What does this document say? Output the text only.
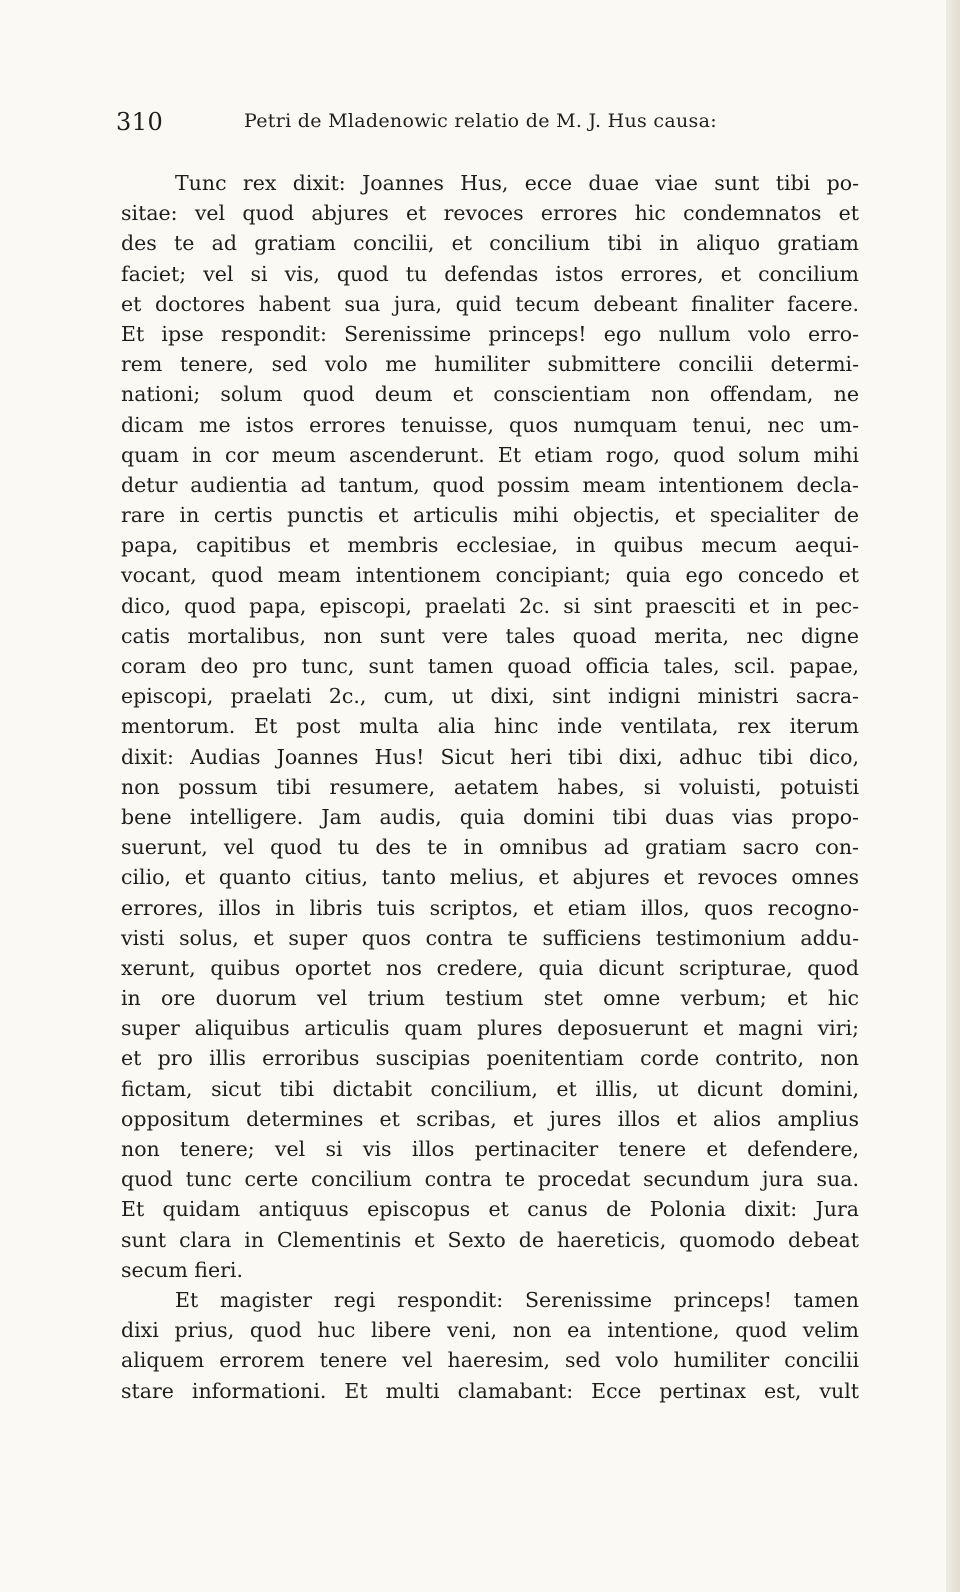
310	Petri de Mladenowic relatio de M. J. Hus causa:
Tunc rex dixit: Joannes Hus, ecce duae viae sunt tibi po-
sitae: vel quod abjures et revoces errores hic condemnatos et
des te ad gratiam concilii, et concilium tibi in aliquo gratiam
faciet; vel si vis, quod tu defendas istos errores, et concilium
et doctores habent sua jura, quid tecum debeant finaliter facere.
Et ipse respondit: Serenissime princeps! ego nullum volo erro-
rem tenere, sed volo me humiliter submittere concilii determi-
nationi; solum quod deum et conscientiam non offendam, ne
dicam me istos errores tenuisse, quos numquam tenui, nec um-
quam in cor meum ascenderunt. Et etiam rogo, quod solum mihi
detur audientia ad tantum, quod possim meam intentionem decla-
rare in certis punctis et articulis mihi objectis, et specialiter de
papa, capitibus et membris ecclesiae, in quibus mecum aequi-
vocant, quod meam intentionem concipiant; quia ego concedo et
dico, quod papa, episcopi, praelati 2c. si sint praesciti et in pec-
catis mortalibus, non sunt vere tales quoad merita, nec digne
coram deo pro tunc, sunt tamen quoad officia tales, scil. papae,
episcopi, praelati 2c., cum, ut dixi, sint indigni ministri sacra-
mentorum. Et post multa alia hinc inde ventilata, rex iterum
dixit: Audias Joannes Hus! Sicut heri tibi dixi, adhuc tibi dico,
non possum tibi resumere, aetatem habes, si voluisti, potuisti
bene intelligere. Jam audis, quia domini tibi duas vias propo-
suerunt, vel quod tu des te in omnibus ad gratiam sacro con-
cilio, et quanto citius, tanto melius, et abjures et revoces omnes
errores, illos in libris tuis scriptos, et etiam illos, quos recogno-
visti solus, et super quos contra te sufficiens testimonium addu-
xerunt, quibus oportet nos credere, quia dicunt scripturae, quod
in ore duorum vel trium testium stet omne verbum; et hic
super aliquibus articulis quam plures deposuerunt et magni viri;
et pro illis erroribus suscipias poenitentiam corde contrito, non
fictam, sicut tibi dictabit concilium, et illis, ut dicunt domini,
oppositum determines et scribas, et jures illos et alios amplius
non tenere; vel si vis illos pertinaciter tenere et defendere,
quod tunc certe concilium contra te procedat secundum jura sua.
Et quidam antiquus episcopus et canus de Polonia dixit: Jura
sunt clara in Clementinis et Sexto de haereticis, quomodo debeat
secum fieri.
Et magister regi respondit: Serenissime princeps! tamen
dixi prius, quod huc libere veni, non ea intentione, quod velim
aliquem errorem tenere vel haeresim, sed volo humiliter concilii
stare informationi. Et multi clamabant: Ecce pertinax est, vult
